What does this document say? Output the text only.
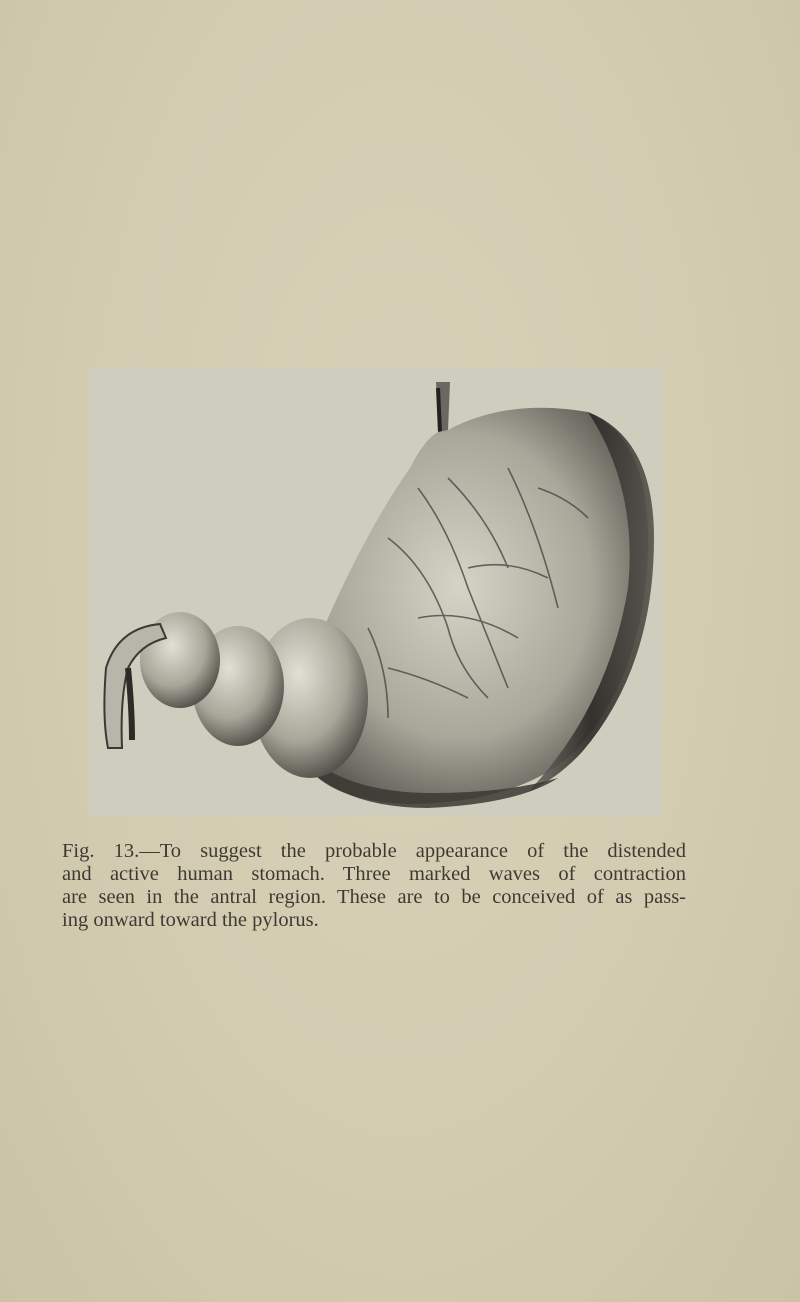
Fig. 13.—To suggest the probable appearance of the distended
and active human stomach. Three marked waves of contraction
are seen in the antral region. These are to be conceived of as pass-
ing onward toward the pylorus.
